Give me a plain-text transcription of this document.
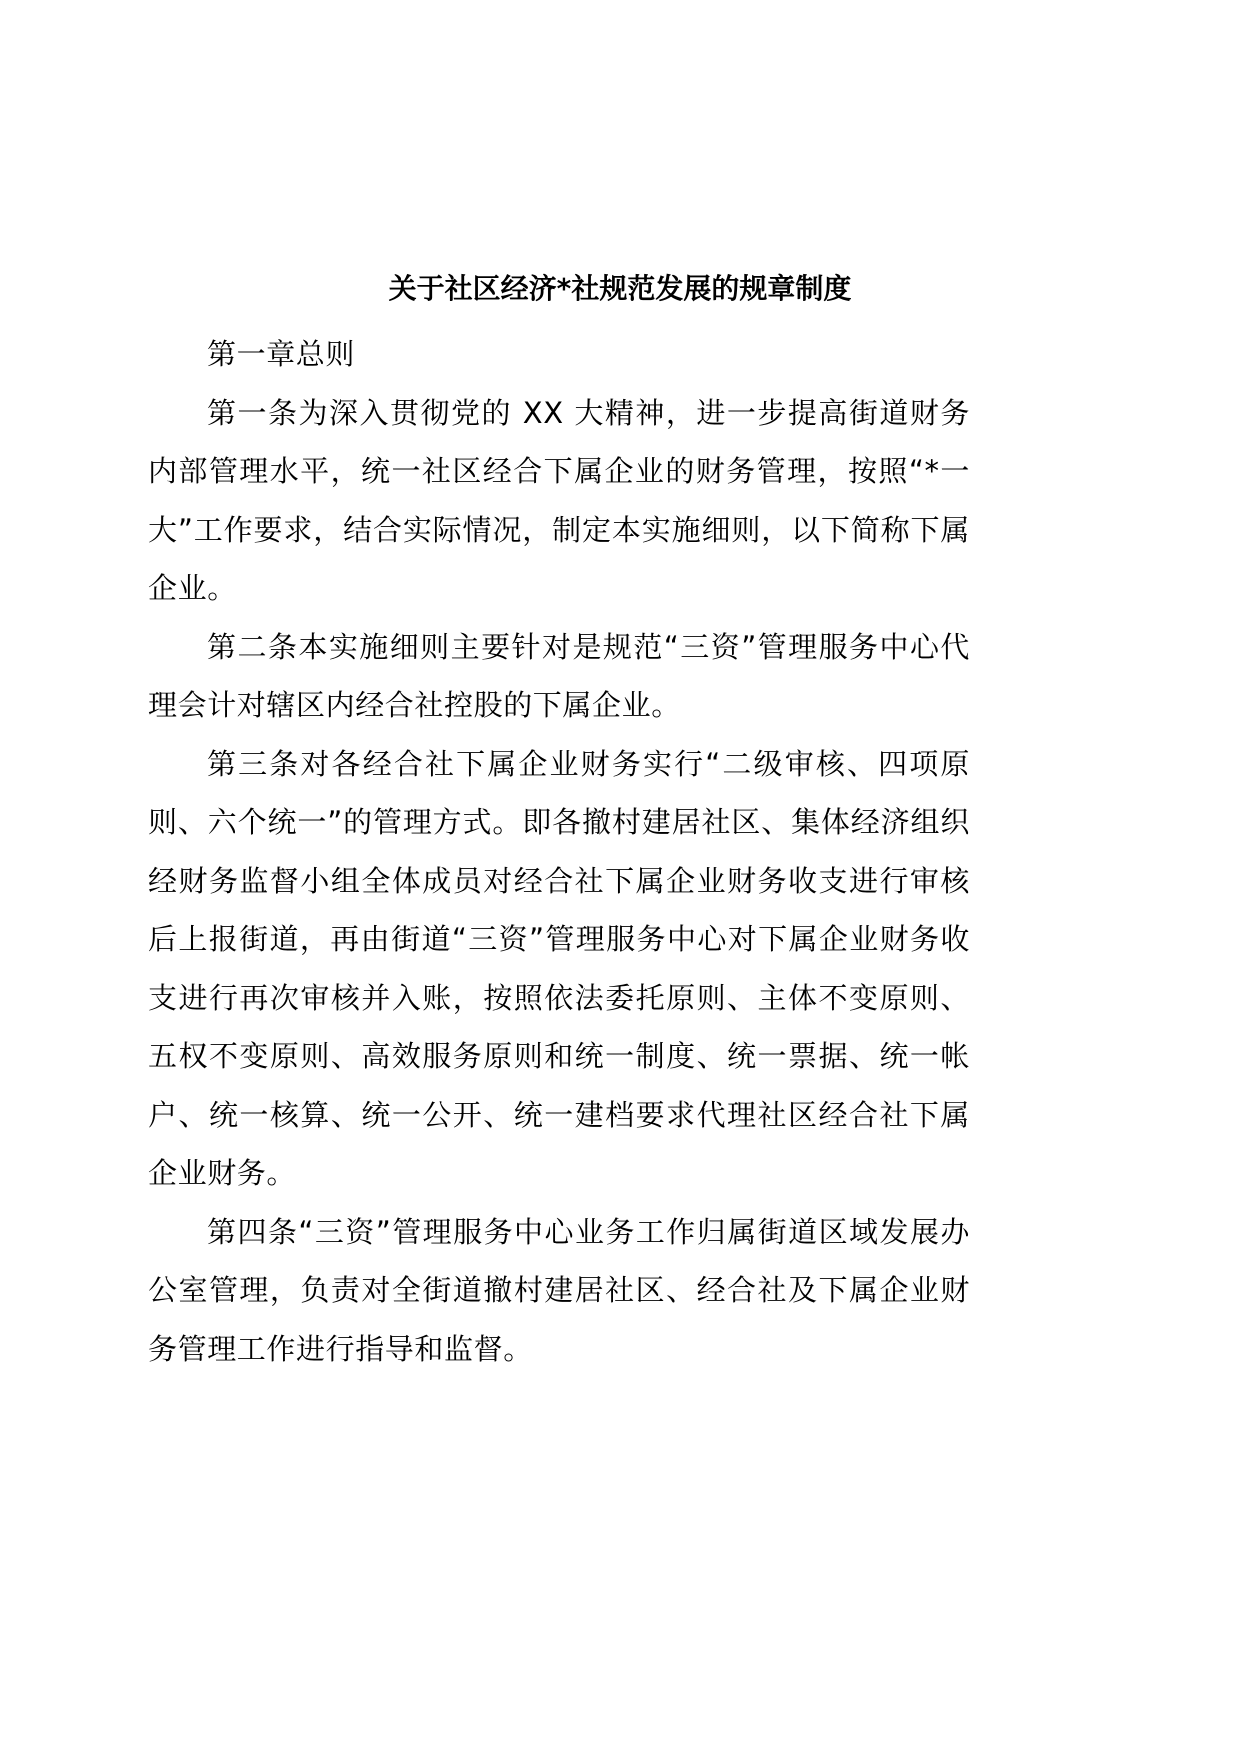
关于社区经济*社规范发展的规章制度

第一章总则

第一条为深入贯彻党的 XX 大精神，进一步提高街道财务内部管理水平，统一社区经合下属企业的财务管理，按照“*一大”工作要求，结合实际情况，制定本实施细则，以下简称下属企业。

第二条本实施细则主要针对是规范“三资”管理服务中心代理会计对辖区内经合社控股的下属企业。

第三条对各经合社下属企业财务实行“二级审核、四项原则、六个统一”的管理方式。即各撤村建居社区、集体经济组织经财务监督小组全体成员对经合社下属企业财务收支进行审核后上报街道，再由街道“三资”管理服务中心对下属企业财务收支进行再次审核并入账，按照依法委托原则、主体不变原则、五权不变原则、高效服务原则和统一制度、统一票据、统一帐户、统一核算、统一公开、统一建档要求代理社区经合社下属企业财务。

第四条“三资”管理服务中心业务工作归属街道区域发展办公室管理，负责对全街道撤村建居社区、经合社及下属企业财务管理工作进行指导和监督。
